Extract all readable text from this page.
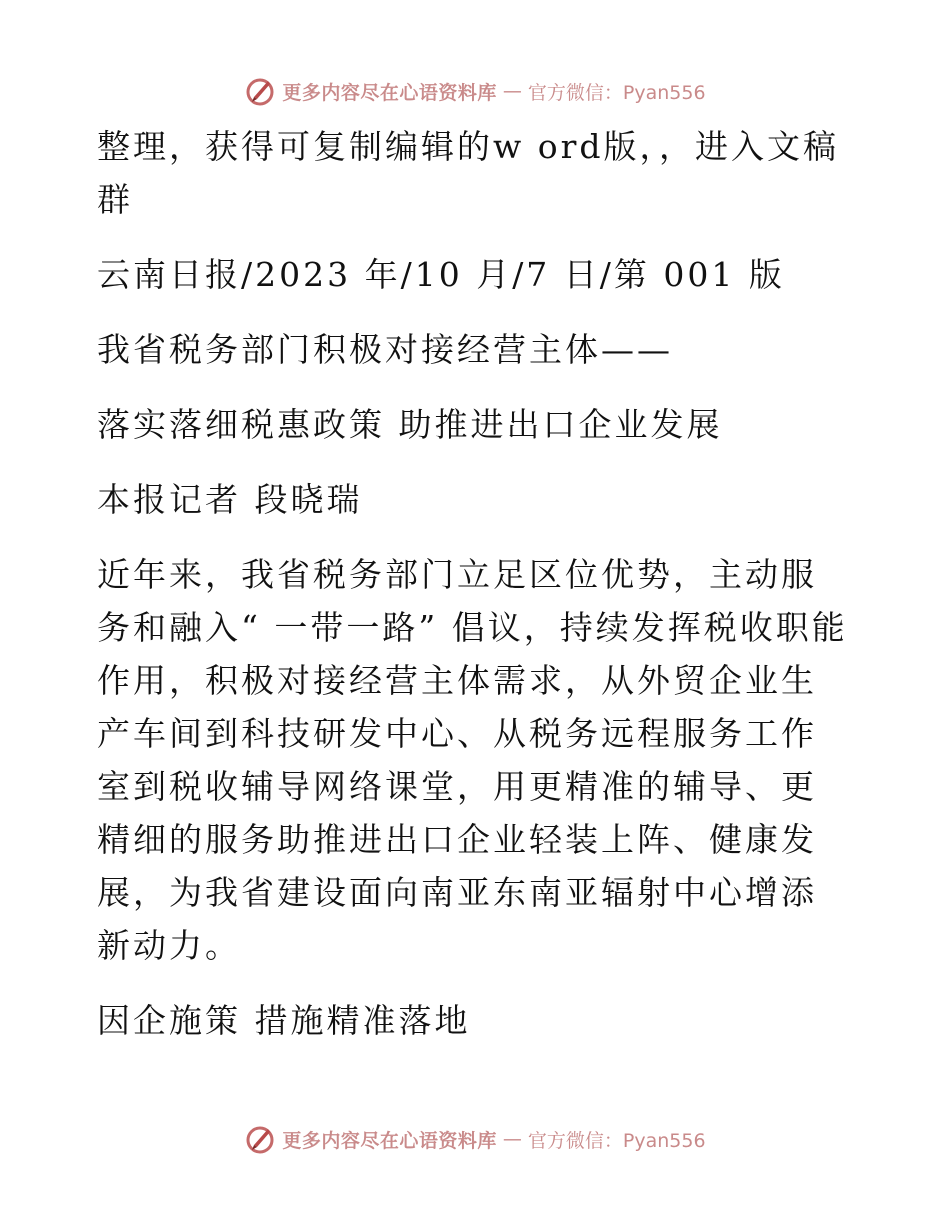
更多内容尽在心语资料库 — 官方微信：Pyan556

整理，获得可复制编辑的w ord版，，进入文稿群

云南日报/2023 年/10 月/7 日/第 001 版

我省税务部门积极对接经营主体——

落实落细税惠政策 助推进出口企业发展

本报记者 段晓瑞

近年来，我省税务部门立足区位优势，主动服务和融入“ 一带一路” 倡议，持续发挥税收职能作用，积极对接经营主体需求，从外贸企业生产车间到科技研发中心、从税务远程服务工作室到税收辅导网络课堂，用更精准的辅导、更精细的服务助推进出口企业轻装上阵、健康发展，为我省建设面向南亚东南亚辐射中心增添新动力。

因企施策 措施精准落地

更多内容尽在心语资料库 — 官方微信：Pyan556
